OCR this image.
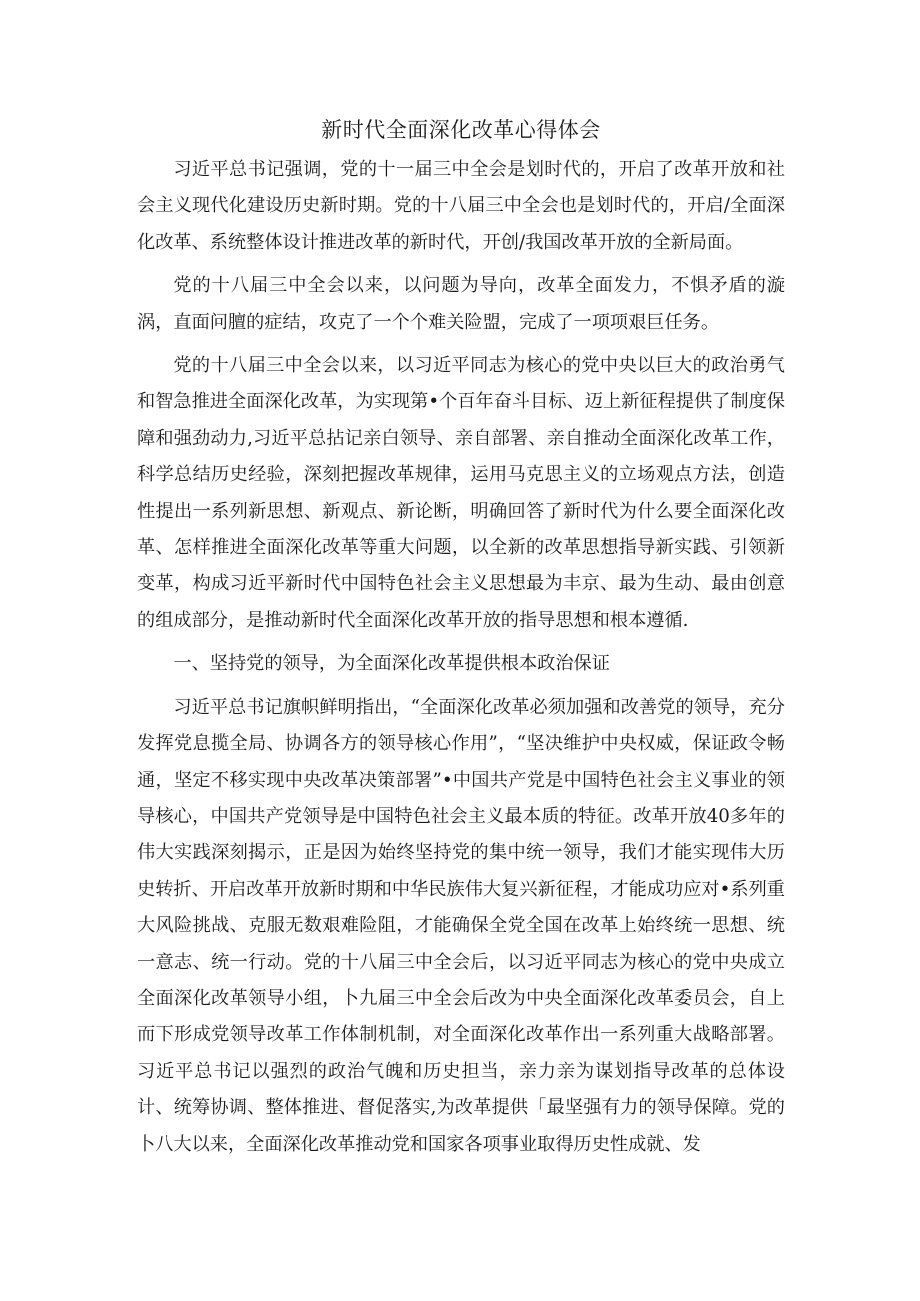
新时代全面深化改革心得体会

习近平总书记强调，党的十一届三中全会是划时代的，开启了改革开放和社会主义现代化建设历史新时期。党的十八届三中全会也是划时代的，开启/全面深化改革、系统整体设计推进改革的新时代，开创/我国改革开放的全新局面。

党的十八届三中全会以来，以问题为导向，改革全面发力，不惧矛盾的漩涡，直面问膻的症结，攻克了一个个难关险盟，完成了一项项艰巨任务。

党的十八届三中全会以来，以习近平同志为核心的党中央以巨大的政治勇气和智急推进全面深化改革，为实现第•个百年奋斗目标、迈上新征程提供了制度保障和强劲动力,习近平总拈记亲白领导、亲自部署、亲自推动全面深化改革工作，科学总结历史经验，深刻把握改革规律，运用马克思主义的立场观点方法，创造性提出一系列新思想、新观点、新论断，明确回答了新时代为什么要全面深化改革、怎样推进全面深化改革等重大问题，以全新的改革思想指导新实践、引领新变革，构成习近平新时代中国特色社会主义思想最为丰京、最为生动、最由创意的组成部分，是推动新时代全面深化改革开放的指导思想和根本遵循.

一、坚持党的领导，为全面深化改革提供根本政治保证

习近平总书记旗帜鲜明指出，“全面深化改革必须加强和改善党的领导，充分发挥党息揽全局、协调各方的领导核心作用”，“坚决维护中央权威，保证政令畅通，坚定不移实现中央改革决策部署”•中国共产党是中国特色社会主义事业的领导核心，中国共产党领导是中国特色社会主义最本质的特征。改革开放40多年的伟大实践深刻揭示，正是因为始终坚持党的集中统一领导，我们才能实现伟大历史转折、开启改革开放新时期和中华民族伟大复兴新征程，才能成功应对•系列重大风险挑战、克服无数艰难险阻，才能确保全党全国在改革上始终统一思想、统一意志、统一行动。党的十八届三中全会后，以习近平同志为核心的党中央成立全面深化改革领导小组，卜九届三中全会后改为中央全面深化改革委员会，自上而下形成党领导改革工作体制机制，对全面深化改革作出一系列重大战略部署。习近平总书记以强烈的政治气魄和历史担当，亲力亲为谋划指导改革的总体设计、统筹协调、整体推进、督促落实,为改革提供「最坚强有力的领导保障。党的卜八大以来，全面深化改革推动党和国家各项事业取得历史性成就、发
